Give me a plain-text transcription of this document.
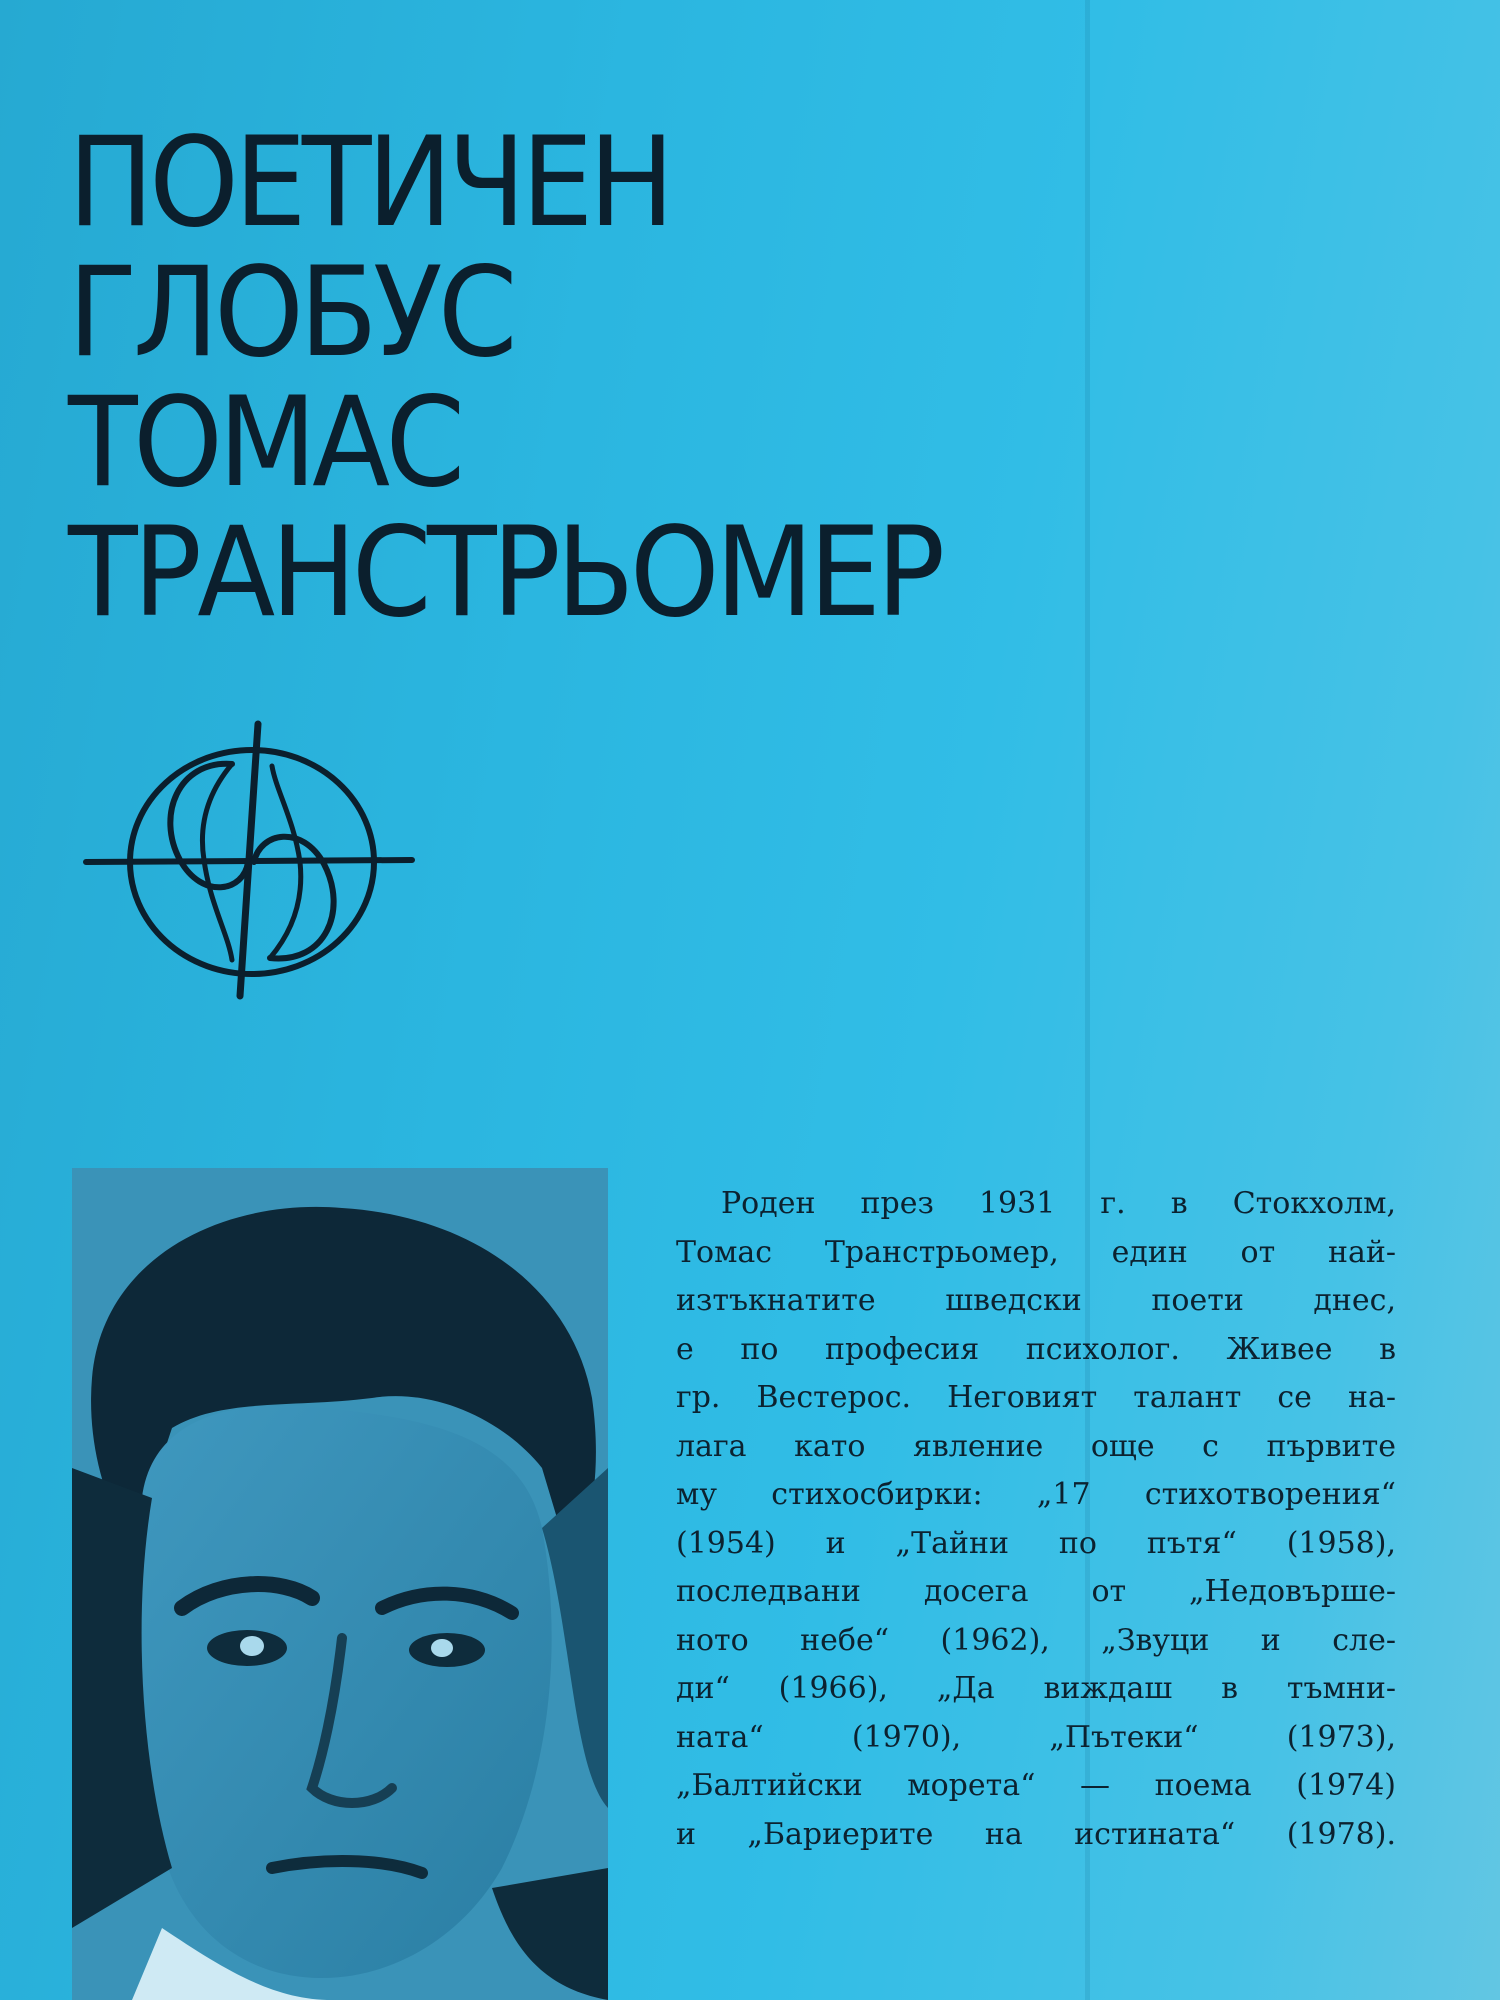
ПОЕТИЧЕН
ГЛОБУС
ТОМАС
ТРАНСТРЬОМЕР
Роден през 1931 г. в Стокхолм,
Томас Транстрьомер, един от най-
изтъкнатите шведски поети днес,
е по професия психолог. Живее в
гр. Вестерос. Неговият талант се на-
лага като явление още с първите
му стихосбирки: „17 стихотворения“
(1954) и „Тайни по пътя“ (1958),
последвани досега от „Недовърше-
ното небе“ (1962), „Звуци и сле-
ди“ (1966), „Да виждаш в тъмни-
ната“ (1970), „Пътеки“ (1973),
„Балтийски морета“ — поема (1974)
и „Бариерите на истината“ (1978).
